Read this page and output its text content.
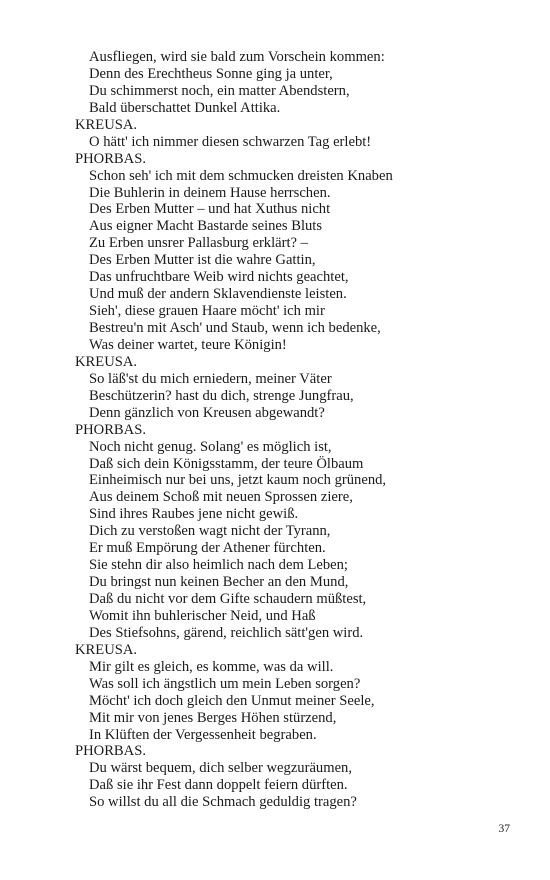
Ausfliegen, wird sie bald zum Vorschein kommen:
Denn des Erechtheus Sonne ging ja unter,
Du schimmerst noch, ein matter Abendstern,
Bald überschattet Dunkel Attika.
KREUSA.
O hätt' ich nimmer diesen schwarzen Tag erlebt!
PHORBAS.
Schon seh' ich mit dem schmucken dreisten Knaben
Die Buhlerin in deinem Hause herrschen.
Des Erben Mutter – und hat Xuthus nicht
Aus eigner Macht Bastarde seines Bluts
Zu Erben unsrer Pallasburg erklärt? –
Des Erben Mutter ist die wahre Gattin,
Das unfruchtbare Weib wird nichts geachtet,
Und muß der andern Sklavendienste leisten.
Sieh', diese grauen Haare möcht' ich mir
Bestreu'n mit Asch' und Staub, wenn ich bedenke,
Was deiner wartet, teure Königin!
KREUSA.
So läß'st du mich erniedern, meiner Väter
Beschützerin? hast du dich, strenge Jungfrau,
Denn gänzlich von Kreusen abgewandt?
PHORBAS.
Noch nicht genug. Solang' es möglich ist,
Daß sich dein Königsstamm, der teure Ölbaum
Einheimisch nur bei uns, jetzt kaum noch grünend,
Aus deinem Schoß mit neuen Sprossen ziere,
Sind ihres Raubes jene nicht gewiß.
Dich zu verstoßen wagt nicht der Tyrann,
Er muß Empörung der Athener fürchten.
Sie stehn dir also heimlich nach dem Leben;
Du bringst nun keinen Becher an den Mund,
Daß du nicht vor dem Gifte schaudern müßtest,
Womit ihn buhlerischer Neid, und Haß
Des Stiefsohns, gärend, reichlich sätt'gen wird.
KREUSA.
Mir gilt es gleich, es komme, was da will.
Was soll ich ängstlich um mein Leben sorgen?
Möcht' ich doch gleich den Unmut meiner Seele,
Mit mir von jenes Berges Höhen stürzend,
In Klüften der Vergessenheit begraben.
PHORBAS.
Du wärst bequem, dich selber wegzuräumen,
Daß sie ihr Fest dann doppelt feiern dürften.
So willst du all die Schmach geduldig tragen?
37
